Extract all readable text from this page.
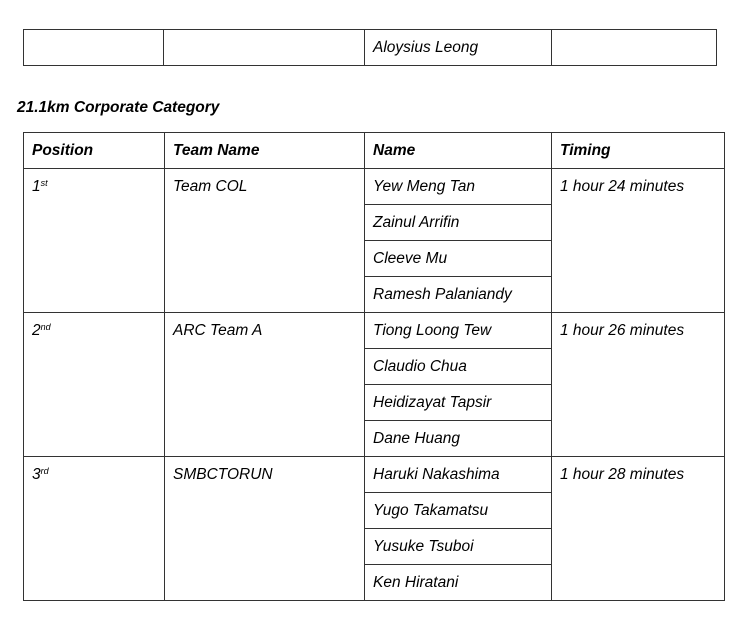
		Aloysius Leong	
21.1km Corporate Category
Position	Team Name	Name	Timing
1st	Team COL	Yew Meng Tan	1 hour 24 minutes
		Zainul Arrifin	
		Cleeve Mu	
		Ramesh Palaniandy	
2nd	ARC Team A	Tiong Loong Tew	1 hour 26 minutes
		Claudio Chua	
		Heidizayat Tapsir	
		Dane Huang	
3rd	SMBCTORUN	Haruki Nakashima	1 hour 28 minutes
		Yugo Takamatsu	
		Yusuke Tsuboi	
		Ken Hiratani	
